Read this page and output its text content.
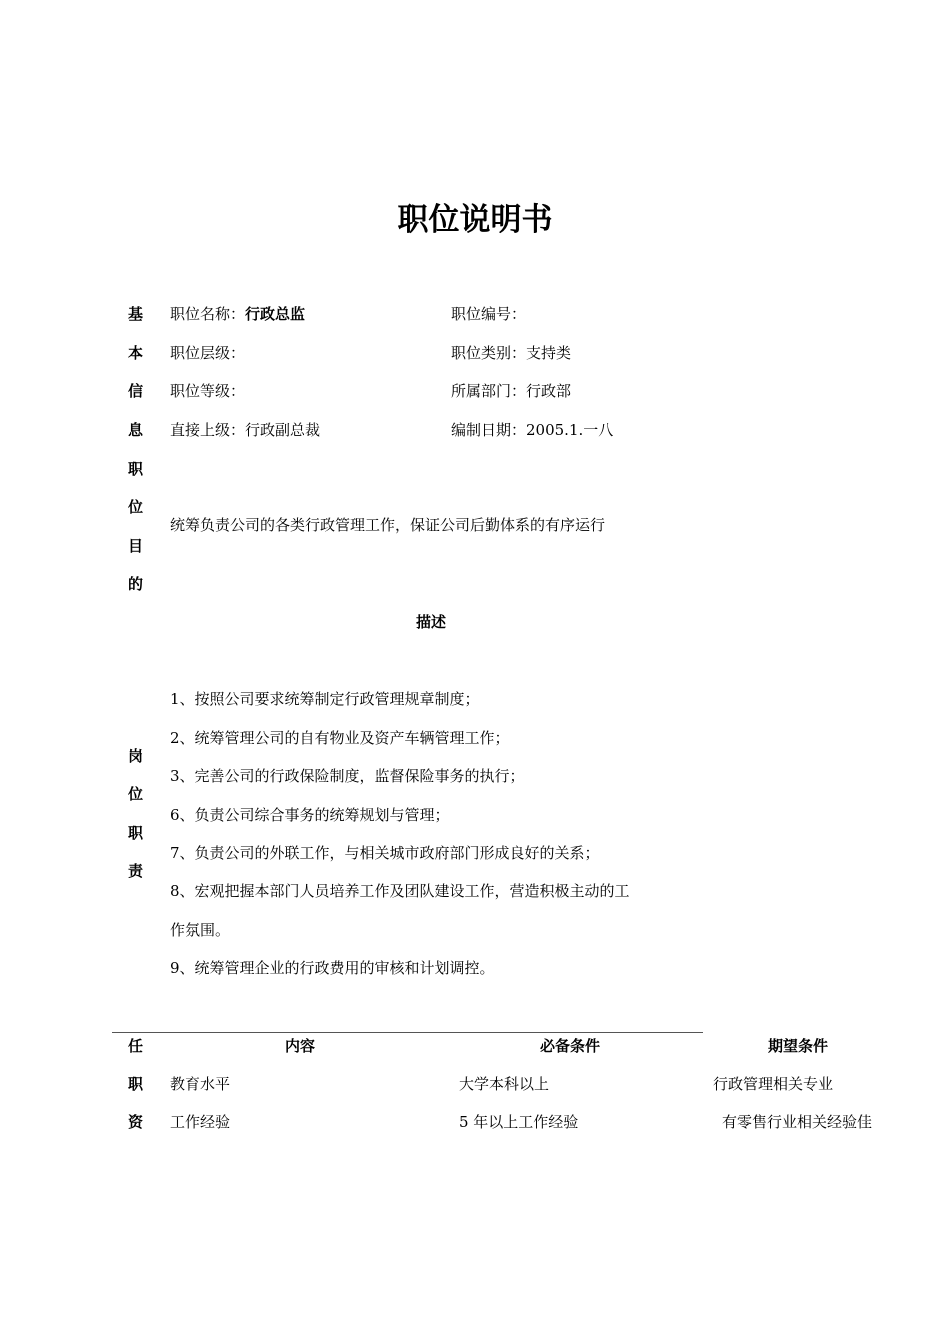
职位说明书
基
本
信
息
职位名称：行政总监	职位编号：
职位层级：	职位类别：支持类
职位等级：	所属部门：行政部
直接上级：行政副总裁	编制日期：2005.1.一八
职
位
目
的
统筹负责公司的各类行政管理工作，保证公司后勤体系的有序运行
描述
岗
位
职
责
1、按照公司要求统筹制定行政管理规章制度；
2、统筹管理公司的自有物业及资产车辆管理工作；
3、完善公司的行政保险制度，监督保险事务的执行；
6、负责公司综合事务的统筹规划与管理；
7、负责公司的外联工作，与相关城市政府部门形成良好的关系；
8、宏观把握本部门人员培养工作及团队建设工作，营造积极主动的工
作氛围。
9、统筹管理企业的行政费用的审核和计划调控。
任
职
资
内容	必备条件	期望条件
教育水平	大学本科以上	行政管理相关专业
工作经验	5 年以上工作经验	有零售行业相关经验佳
